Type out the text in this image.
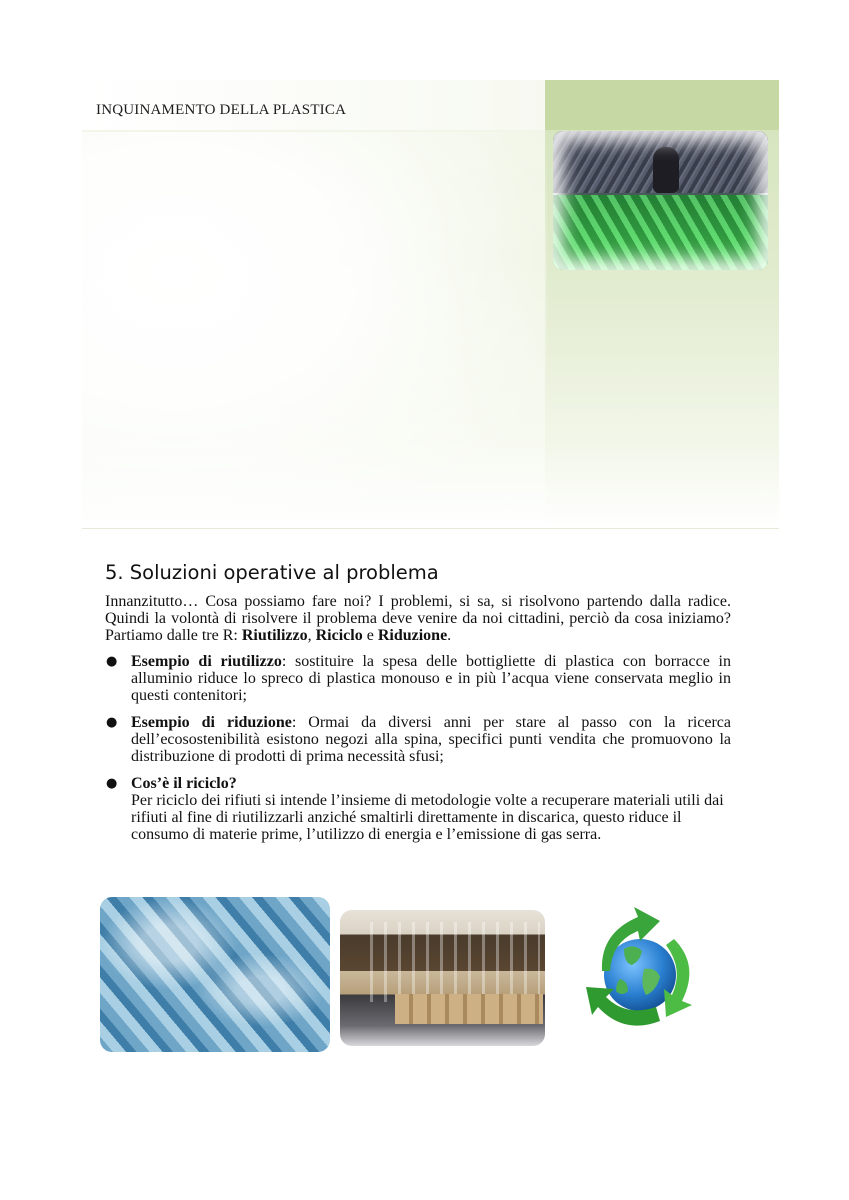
INQUINAMENTO DELLA PLASTICA
5. Soluzioni operative al problema
Innanzitutto… Cosa possiamo fare noi? I problemi, si sa, si risolvono partendo dalla radice. Quindi la volontà di risolvere il problema deve venire da noi cittadini, perciò da cosa iniziamo? Partiamo dalle tre R: Riutilizzo, Riciclo e Riduzione.
● Esempio di riutilizzo: sostituire la spesa delle bottigliette di plastica con borracce in alluminio riduce lo spreco di plastica monouso e in più l’acqua viene conservata meglio in questi contenitori;
● Esempio di riduzione: Ormai da diversi anni per stare al passo con la ricerca dell’ecosostenibilità esistono negozi alla spina, specifici punti vendita che promuovono la distribuzione di prodotti di prima necessità sfusi;
● Cos’è il riciclo?
Per riciclo dei rifiuti si intende l’insieme di metodologie volte a recuperare materiali utili dai rifiuti al fine di riutilizzarli anziché smaltirli direttamente in discarica, questo riduce il consumo di materie prime, l’utilizzo di energia e l’emissione di gas serra.
